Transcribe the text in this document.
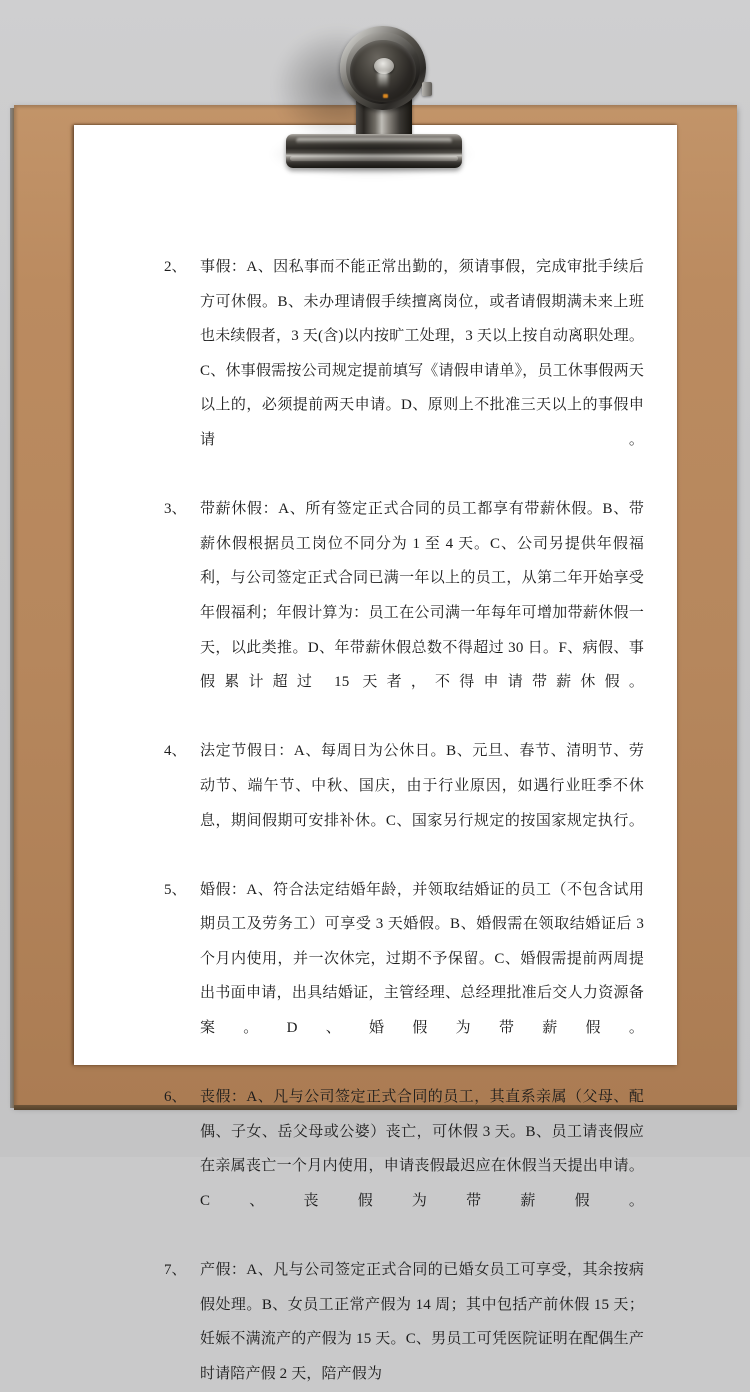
2、 事假：A、因私事而不能正常出勤的，须请事假，完成审批手续后方可休假。B、未办理请假手续擅离岗位，或者请假期满未来上班也未续假者，3 天(含)以内按旷工处理，3 天以上按自动离职处理。C、休事假需按公司规定提前填写《请假申请单》，员工休事假两天以上的，必须提前两天申请。D、原则上不批准三天以上的事假申请。
3、 带薪休假：A、所有签定正式合同的员工都享有带薪休假。B、带薪休假根据员工岗位不同分为 1 至 4 天。C、公司另提供年假福利，与公司签定正式合同已满一年以上的员工，从第二年开始享受年假福利；年假计算为：员工在公司满一年每年可增加带薪休假一天，以此类推。D、年带薪休假总数不得超过 30 日。F、病假、事假累计超过 15 天者，不得申请带薪休假。
4、 法定节假日：A、每周日为公休日。B、元旦、春节、清明节、劳动节、端午节、中秋、国庆，由于行业原因，如遇行业旺季不休息，期间假期可安排补休。C、国家另行规定的按国家规定执行。
5、 婚假：A、符合法定结婚年龄，并领取结婚证的员工（不包含试用期员工及劳务工）可享受 3 天婚假。B、婚假需在领取结婚证后 3 个月内使用，并一次休完，过期不予保留。C、婚假需提前两周提出书面申请，出具结婚证，主管经理、总经理批准后交人力资源备案。D、婚假为带薪假。
6、 丧假：A、凡与公司签定正式合同的员工，其直系亲属（父母、配偶、子女、岳父母或公婆）丧亡，可休假 3 天。B、员工请丧假应在亲属丧亡一个月内使用，申请丧假最迟应在休假当天提出申请。C、丧假为带薪假。
7、 产假：A、凡与公司签定正式合同的已婚女员工可享受，其余按病假处理。B、女员工正常产假为 14 周；其中包括产前休假 15 天；妊娠不满流产的产假为 15 天。C、男员工可凭医院证明在配偶生产时请陪产假 2 天，陪产假为
